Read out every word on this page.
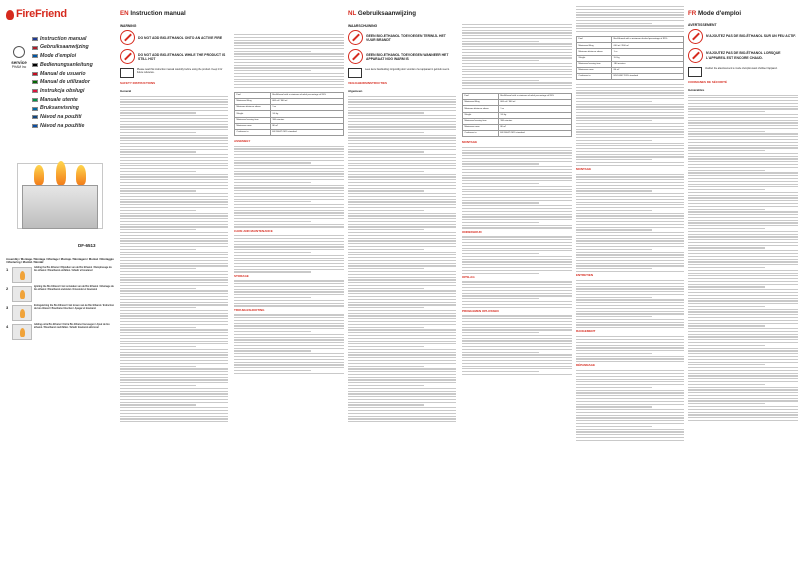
FireFriend
service
PHAM Inc
Instruction manual
Gebruiksaanwijzing
Mode d'emploi
Bedienungsanleitung
Manual de usuario
Manual de utilizador
Instrukcja obsługi
Manuale utente
Bruksanvisning
Návod na použití
Návod na použitie
DF-6513
Assembly / Montage / Montage / Montage / Montaje / Montagem / Montaż / Montaggio / Montering / Montáž / Montáž
1	Adding the Bio Ethanol / Bijvullen van de Bio Ethanol / Remplissage du bio éthanol / Bioethanol einfüllen / Añadir el bioetanol
2	Igniting the Bio Ethanol / Het ontsteken van de Bio Ethanol / Allumage du bio éthanol / Bioethanol anzünden / Encender el bioetanol
3	Extinguishing the Bio Ethanol / Het doven van de Bio Ethanol / Extinction du bio éthanol / Bioethanol löschen / Apagar el bioetanol
4	Adding extra Bio Ethanol / Extra Bio Ethanol toevoegen / Ajout de bio éthanol / Bioethanol nachfüllen / Añadir bioetanol adicional
EN Instruction manual
WARNING
DO NOT ADD BIO-ETHANOL ONTO AN ACTIVE FIRE
DO NOT ADD BIO-ETHANOL WHILE THE PRODUCT IS STILL HOT

Please read this instruction manual carefully before using the product. Keep it for future reference.

SAFETY INSTRUCTIONS
General
Fuel	Bio-Ethanol with a minimum alcohol percentage of 95%
Maximum filling	600 ml / 900 ml
Minimum distance above	1 m
Weight	3.6 kg
Maximum burning time	180 minutes
Maximum room	80 m²
Conforms to	EN 16647:2015 standard
ASSEMBLY
CARE AND MAINTENANCE
STORAGE
TROUBLESHOOTING
NL Gebruiksaanwijzing
WAARSCHUWING
GEEN BIO-ETHANOL TOEVOEGEN TERWIJL HET VUUR BRANDT
GEEN BIO-ETHANOL TOEVOEGEN WANNEER HET APPARAAT NOG WARM IS

Lees deze handleiding zorgvuldig door voordat u het apparaat in gebruik neemt.

VEILIGHEIDSINSTRUCTIES
Algemeen
Fuel	Bio-Ethanol with a minimum alcohol percentage of 95%
Maximum filling	600 ml / 900 ml
Minimum distance above	1 m
Weight	3.6 kg
Maximum burning time	180 minutes
Maximum room	80 m²
Conforms to	EN 16647:2015 standard
MONTAGE
ONDERHOUD
OPSLAG
PROBLEMEN OPLOSSEN
Fuel	Bio-Ethanol with a minimum alcohol percentage of 95%
Maximum filling	600 ml / 900 ml
Minimum distance above	1 m
Weight	3.6 kg
Maximum burning time	180 minutes
Maximum room	80 m²
Conforms to	EN 16647:2015 standard
MONTAGE
ENTRETIEN
RANGEMENT
DÉPANNAGE
FR Mode d'emploi
AVERTISSEMENT
N'AJOUTEZ PAS DE BIO-ÉTHANOL SUR UN FEU ACTIF.
N'AJOUTEZ PAS DE BIO-ÉTHANOL LORSQUE L'APPAREIL EST ENCORE CHAUD.

Veuillez lire attentivement le mode d'emploi avant d'utiliser l'appareil.

CONSIGNES DE SÉCURITÉ
Généralités
